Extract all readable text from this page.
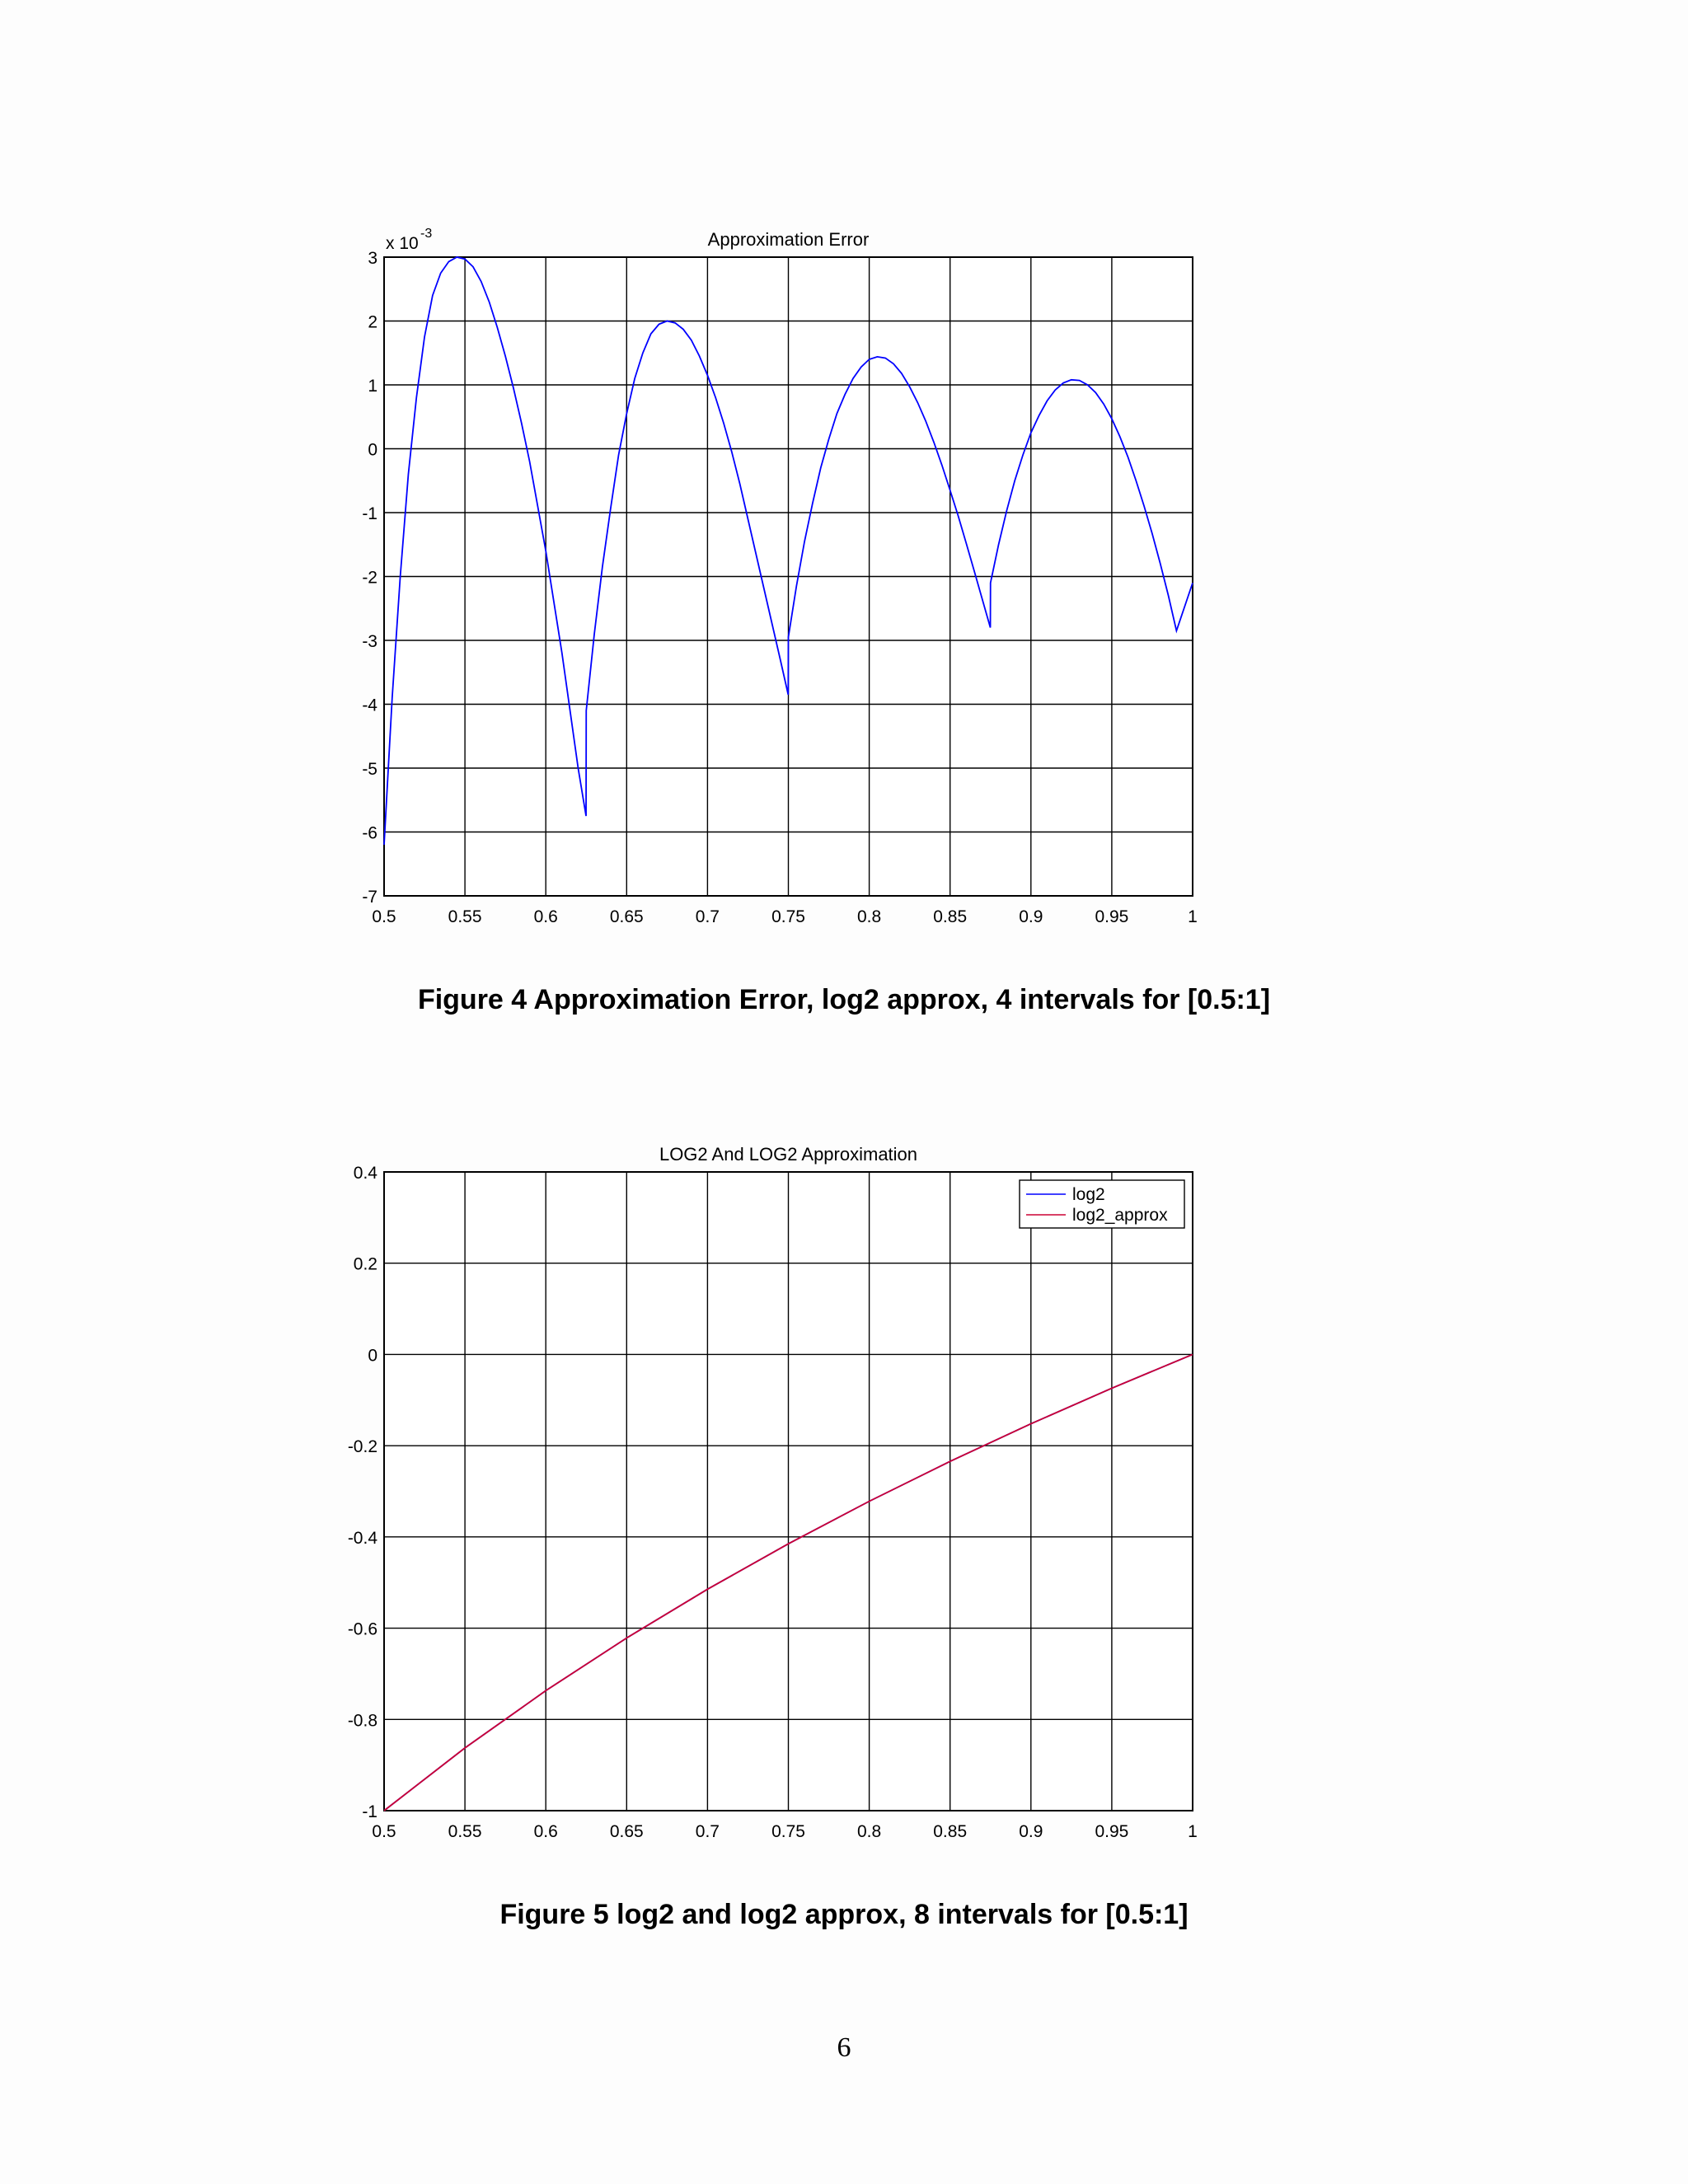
0.5	0.55	0.6	0.65	0.7	0.75	0.8	0.85	0.9	0.95	1
3
2
1
0
-1
-2
-3
-4
-5
-6
-7
Approximation Error
x 10
-3
Figure 4 Approximation Error, log2 approx, 4 intervals for [0.5:1]
0.5	0.55	0.6	0.65	0.7	0.75	0.8	0.85	0.9	0.95	1
0.4
0.2
0
-0.2
-0.4
-0.6
-0.8
-1
LOG2 And LOG2 Approximation
log2
log2_approx
Figure 5 log2 and log2 approx, 8 intervals for [0.5:1]
6
